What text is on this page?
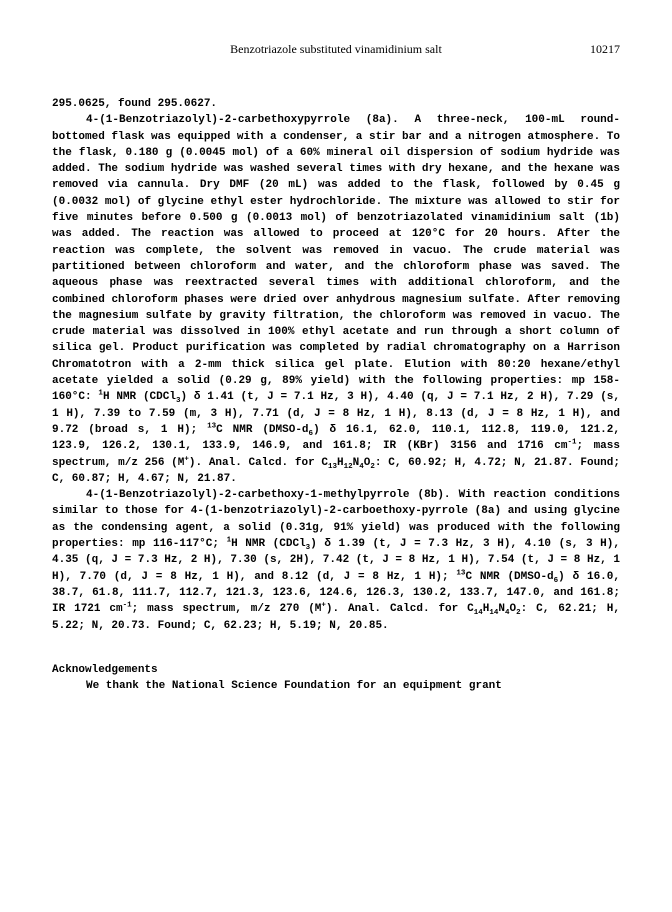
Benzotriazole substituted vinamidinium salt	10217

295.0625, found 295.0627.

4-(1-Benzotriazolyl)-2-carbethoxypyrrole (8a). A three-neck, 100-mL round-bottomed flask was equipped with a condenser, a stir bar and a nitrogen atmosphere. To the flask, 0.180 g (0.0045 mol) of a 60% mineral oil dispersion of sodium hydride was added. The sodium hydride was washed several times with dry hexane, and the hexane was removed via cannula. Dry DMF (20 mL) was added to the flask, followed by 0.45 g (0.0032 mol) of glycine ethyl ester hydrochloride. The mixture was allowed to stir for five minutes before 0.500 g (0.0013 mol) of benzotriazolated vinamidinium salt (1b) was added. The reaction was allowed to proceed at 120°C for 20 hours. After the reaction was complete, the solvent was removed in vacuo. The crude material was partitioned between chloroform and water, and the chloroform phase was saved. The aqueous phase was reextracted several times with additional chloroform, and the combined chloroform phases were dried over anhydrous magnesium sulfate. After removing the magnesium sulfate by gravity filtration, the chloroform was removed in vacuo. The crude material was dissolved in 100% ethyl acetate and run through a short column of silica gel. Product purification was completed by radial chromatography on a Harrison Chromatotron with a 2-mm thick silica gel plate. Elution with 80:20 hexane/ethyl acetate yielded a solid (0.29 g, 89% yield) with the following properties: mp 158-160°C: $^1$H NMR (CDCl$_3$) δ 1.41 (t, J = 7.1 Hz, 3 H), 4.40 (q, J = 7.1 Hz, 2 H), 7.29 (s, 1 H), 7.39 to 7.59 (m, 3 H), 7.71 (d, J = 8 Hz, 1 H), 8.13 (d, J = 8 Hz, 1 H), and 9.72 (broad s, 1 H); $^{13}$C NMR $(DMSO-d_6)$ δ 16.1, 62.0, 110.1, 112.8, 119.0, 121.2, 123.9, 126.2, 130.1, 133.9, 146.9, and 161.8; IR (KBr) 3156 and 1716 $cm^{-1}$; mass spectrum, m/z 256 (M+). Anal. Calcd. for $C_{13}H_{12}N_4O_2$: C, 60.92; H, 4.72; N, 21.87. Found; C, 60.87; H, 4.67; N, 21.87.

4-(1-Benzotriazolyl)-2-carbethoxy-1-methylpyrrole (8b). With reaction conditions similar to those for 4-(1-benzotriazolyl)-2-carboethoxy-pyrrole (8a) and using glycine as the condensing agent, a solid (0.31g, 91% yield) was produced with the following properties: mp 116-117°C; $^1$H NMR (CDCl$_3$) δ 1.39 (t, J = 7.3 Hz, 3 H), 4.10 (s, 3 H), 4.35 (q, J = 7.3 Hz, 2 H), 7.30 (s, 2H), 7.42 (t, J = 8 Hz, 1 H), 7.54 (t, J = 8 Hz, 1 H), 7.70 (d, J = 8 Hz, 1 H), and 8.12 (d, J = 8 Hz, 1 H); $^{13}$C NMR $(DMSO-d_6)$ δ 16.0, 38.7, 61.8, 111.7, 112.7, 121.3, 123.6, 124.6, 126.3, 130.2, 133.7, 147.0, and 161.8; IR 1721 $cm^{-1}$; mass spectrum, m/z 270 (M+). Anal. Calcd. for $C_{14}H_{14}N_4O_2$: C, 62.21; H, 5.22; N, 20.73. Found; C, 62.23; H, 5.19; N, 20.85.

Acknowledgements

We thank the National Science Foundation for an equipment grant
